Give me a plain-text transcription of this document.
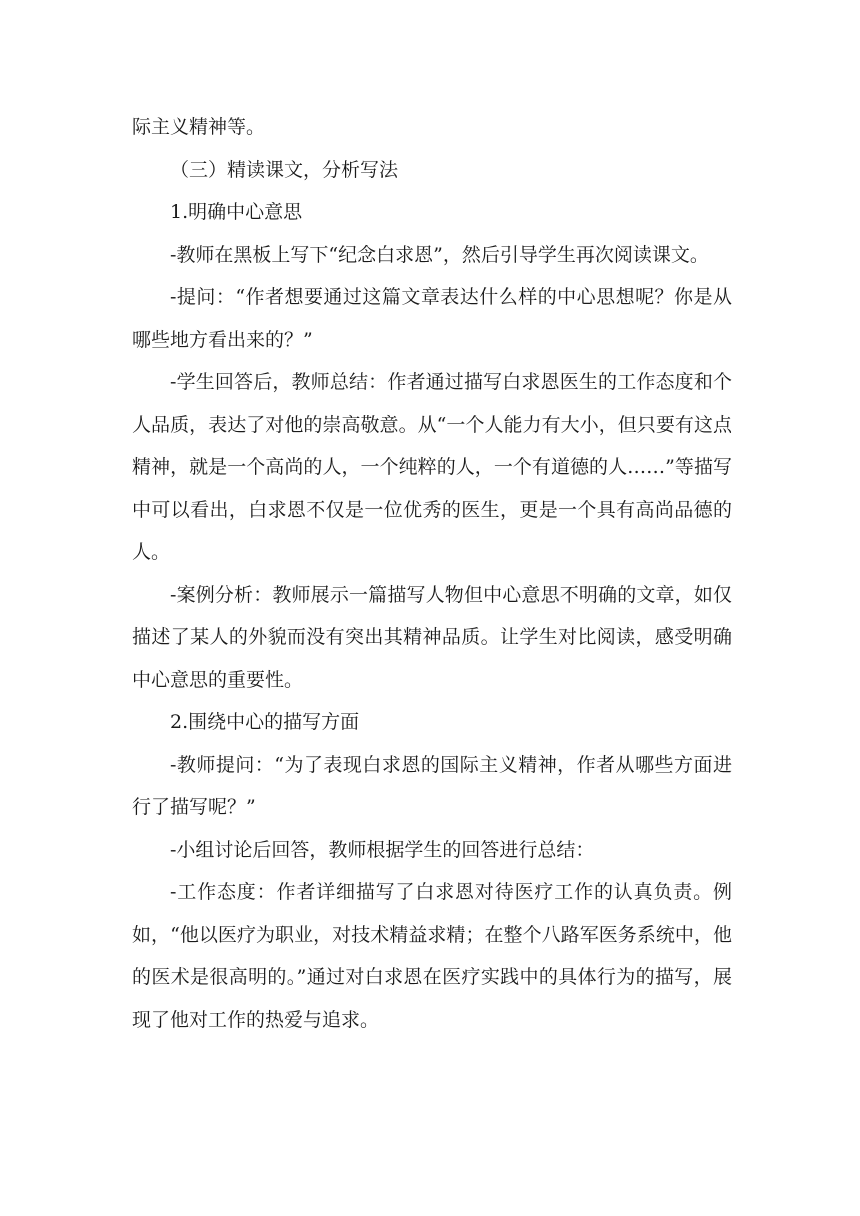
际主义精神等。

（三）精读课文，分析写法

1.明确中心意思

-教师在黑板上写下“纪念白求恩”，然后引导学生再次阅读课文。

-提问：“作者想要通过这篇文章表达什么样的中心思想呢？你是从哪些地方看出来的？”

-学生回答后，教师总结：作者通过描写白求恩医生的工作态度和个人品质，表达了对他的崇高敬意。从“一个人能力有大小，但只要有这点精神，就是一个高尚的人，一个纯粹的人，一个有道德的人……”等描写中可以看出，白求恩不仅是一位优秀的医生，更是一个具有高尚品德的人。

-案例分析：教师展示一篇描写人物但中心意思不明确的文章，如仅描述了某人的外貌而没有突出其精神品质。让学生对比阅读，感受明确中心意思的重要性。

2.围绕中心的描写方面

-教师提问：“为了表现白求恩的国际主义精神，作者从哪些方面进行了描写呢？”

-小组讨论后回答，教师根据学生的回答进行总结：

-工作态度：作者详细描写了白求恩对待医疗工作的认真负责。例如，“他以医疗为职业，对技术精益求精；在整个八路军医务系统中，他的医术是很高明的。”通过对白求恩在医疗实践中的具体行为的描写，展现了他对工作的热爱与追求。
